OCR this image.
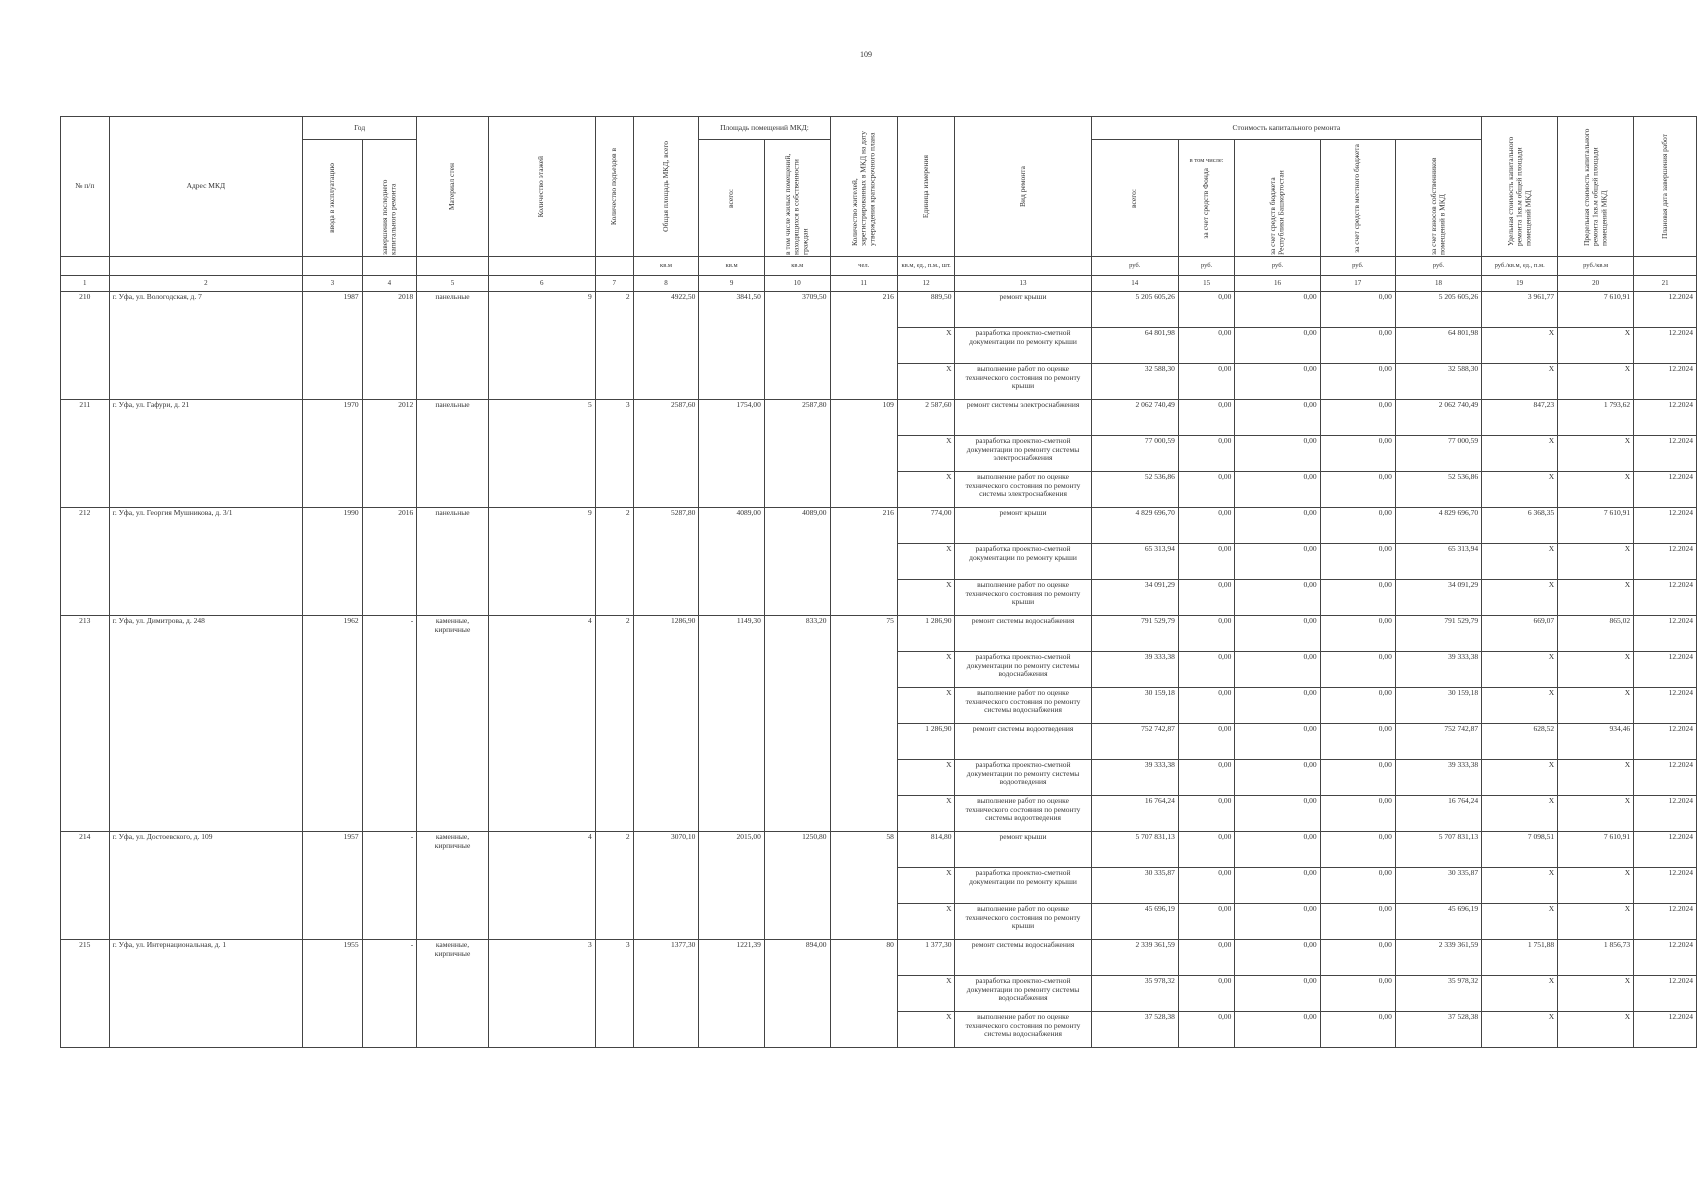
109
№ п/п	Адрес МКД	Год		Материал стен	Количество этажей	Количество подъездов в	Общая площадь МКД, всего	Площадь помещений МКД:		Количество жителей, зарегистрированных в МКД на дату утверждения краткосрочного плана	Единица измерения	Вид ремонта	Стоимость капитального ремонта					Удельная стоимость капитального ремонта 1кв.м общей площади помещений МКД	Предельная стоимость капитального ремонта 1кв.м общей площади помещений МКД	Плановая дата завершения работ

		ввода в эксплуатацию	завершения последнего капитального ремонта					всего:	в том числе жилых помещений, находящихся в собственности граждан				всего:	в том числе:
за счет средств Фонда	за счет средств бюджета Республики Башкортостан	за счет средств местного бюджета	за счет взносов собственников помещений в МКД			

							кв.м	кв.м	кв.м	чел.	кв.м, ед., п.м., шт.		руб.	руб.	руб.	руб.	руб.	руб./кв.м, ед., п.м.	руб./кв.м	
1	2	3	4	5	6	7	8	9	10	11	12	13	14	15	16	17	18	19	20	21
210	г. Уфа, ул. Вологодская, д. 7	1987	2018	панельные	9	2	4922,50	3841,50	3709,50	216	889,50	ремонт крыши	5 205 605,26	0,00	0,00	0,00	5 205 605,26	3 961,77	7 610,91	12.2024
											X	разработка проектно-сметной документации по ремонту крыши	64 801,98	0,00	0,00	0,00	64 801,98	X	X	12.2024
											X	выполнение работ по оценке технического состояния по ремонту крыши	32 588,30	0,00	0,00	0,00	32 588,30	X	X	12.2024
211	г. Уфа, ул. Гафури, д. 21	1970	2012	панельные	5	3	2587,60	1754,00	2587,80	109	2 587,60	ремонт системы электроснабжения	2 062 740,49	0,00	0,00	0,00	2 062 740,49	847,23	1 793,62	12.2024
											X	разработка проектно-сметной документации по ремонту системы электроснабжения	77 000,59	0,00	0,00	0,00	77 000,59	X	X	12.2024
											X	выполнение работ по оценке технического состояния по ремонту системы электроснабжения	52 536,86	0,00	0,00	0,00	52 536,86	X	X	12.2024
212	г. Уфа, ул. Георгия Мушникова, д. 3/1	1990	2016	панельные	9	2	5287,80	4089,00	4089,00	216	774,00	ремонт крыши	4 829 696,70	0,00	0,00	0,00	4 829 696,70	6 368,35	7 610,91	12.2024
											X	разработка проектно-сметной документации по ремонту крыши	65 313,94	0,00	0,00	0,00	65 313,94	X	X	12.2024
											X	выполнение работ по оценке технического состояния по ремонту крыши	34 091,29	0,00	0,00	0,00	34 091,29	X	X	12.2024
213	г. Уфа, ул. Димитрова, д. 248	1962	-	каменные, кирпичные	4	2	1286,90	1149,30	833,20	75	1 286,90	ремонт системы водоснабжения	791 529,79	0,00	0,00	0,00	791 529,79	669,07	865,02	12.2024
											X	разработка проектно-сметной документации по ремонту системы водоснабжения	39 333,38	0,00	0,00	0,00	39 333,38	X	X	12.2024
											X	выполнение работ по оценке технического состояния по ремонту системы водоснабжения	30 159,18	0,00	0,00	0,00	30 159,18	X	X	12.2024
											1 286,90	ремонт системы водоотведения	752 742,87	0,00	0,00	0,00	752 742,87	628,52	934,46	12.2024
											X	разработка проектно-сметной документации по ремонту системы водоотведения	39 333,38	0,00	0,00	0,00	39 333,38	X	X	12.2024
											X	выполнение работ по оценке технического состояния по ремонту системы водоотведения	16 764,24	0,00	0,00	0,00	16 764,24	X	X	12.2024
214	г. Уфа, ул. Достоевского, д. 109	1957	-	каменные, кирпичные	4	2	3070,10	2015,00	1250,80	58	814,80	ремонт крыши	5 707 831,13	0,00	0,00	0,00	5 707 831,13	7 098,51	7 610,91	12.2024
											X	разработка проектно-сметной документации по ремонту крыши	30 335,87	0,00	0,00	0,00	30 335,87	X	X	12.2024
											X	выполнение работ по оценке технического состояния по ремонту крыши	45 696,19	0,00	0,00	0,00	45 696,19	X	X	12.2024
215	г. Уфа, ул. Интернациональная, д. 1	1955	-	каменные, кирпичные	3	3	1377,30	1221,39	894,00	80	1 377,30	ремонт системы водоснабжения	2 339 361,59	0,00	0,00	0,00	2 339 361,59	1 751,88	1 856,73	12.2024
											X	разработка проектно-сметной документации по ремонту системы водоснабжения	35 978,32	0,00	0,00	0,00	35 978,32	X	X	12.2024
											X	выполнение работ по оценке технического состояния по ремонту системы водоснабжения	37 528,38	0,00	0,00	0,00	37 528,38	X	X	12.2024
